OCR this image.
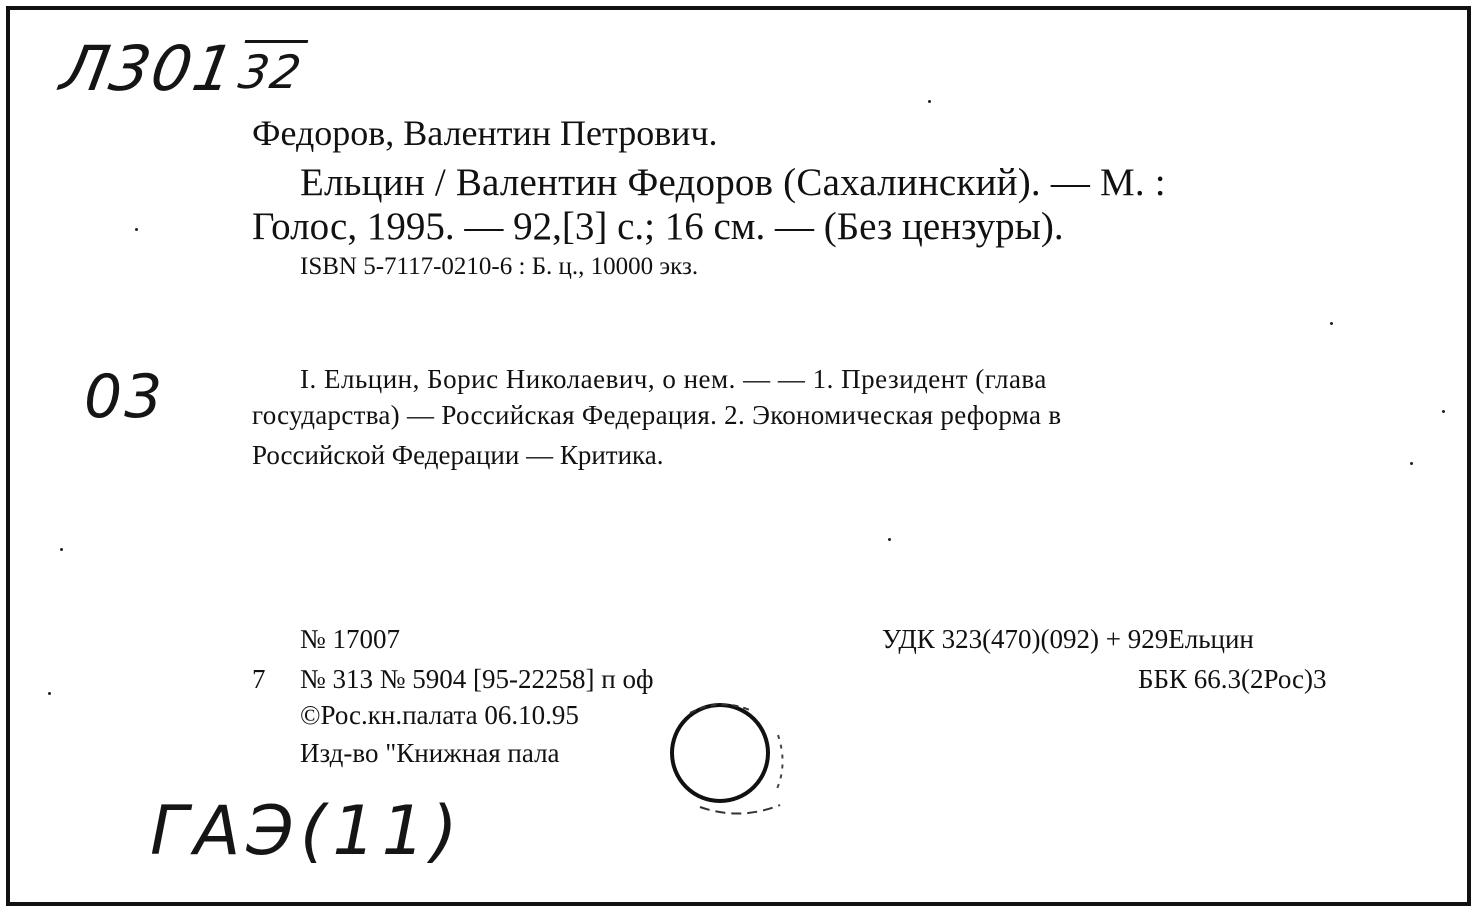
Л301
32
03
ГАЭ(11)
Федоров, Валентин Петрович.
Ельцин / Валентин Федоров (Сахалинский). — М. :
Голос, 1995. — 92,[3] с.; 16 см. — (Без цензуры).
ISBN 5-7117-0210-6 : Б. ц., 10000 экз.
I. Ельцин, Борис Николаевич, о нем. — — 1. Президент (глава
государства) — Российская Федерация. 2. Экономическая реформа в
Российской Федерации — Критика.
№ 17007
7 № 313 № 5904 [95-22258] п оф
©Рос.кн.палата 06.10.95
Изд-во "Книжная пала
УДК 323(470)(092) + 929Ельцин
ББК 66.3(2Рос)3
